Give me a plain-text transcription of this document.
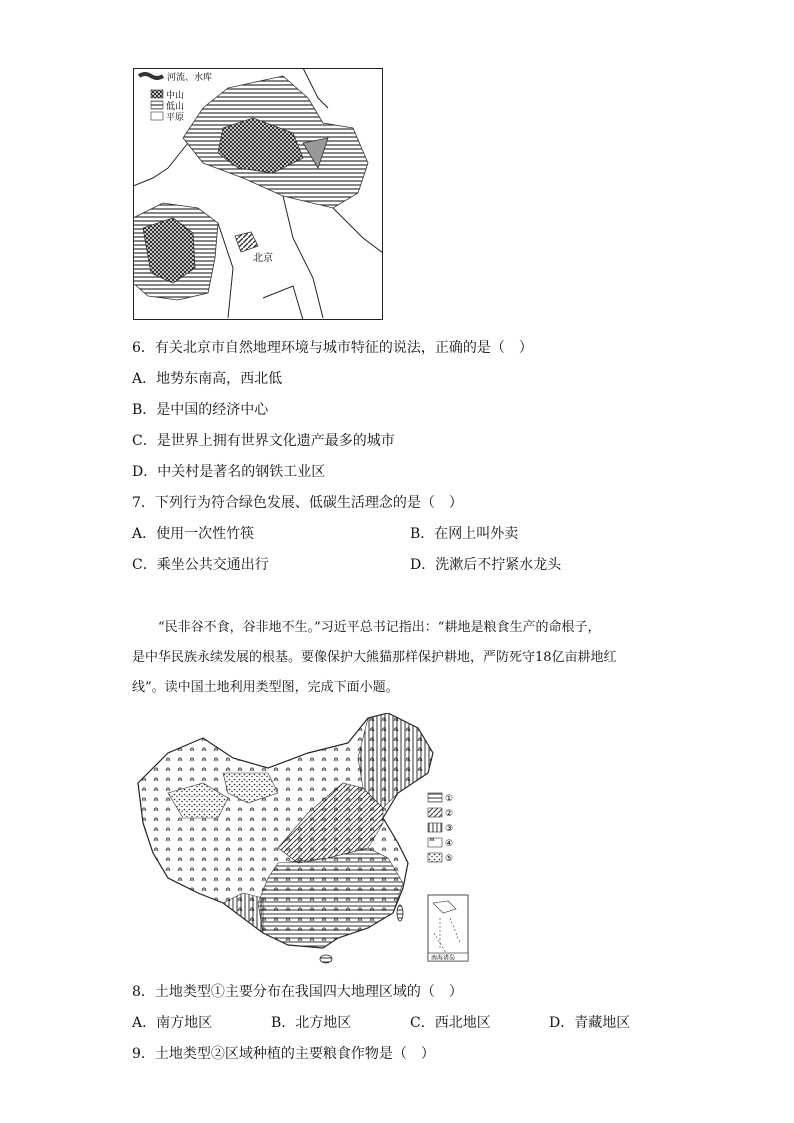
河流、水库
中山
低山
平原
北京
6．有关北京市自然地理环境与城市特征的说法，正确的是（　）
A．地势东南高，西北低
B．是中国的经济中心
C．是世界上拥有世界文化遗产最多的城市
D．中关村是著名的钢铁工业区
7．下列行为符合绿色发展、低碳生活理念的是（　）
A．使用一次性竹筷	B．在网上叫外卖
C．乘坐公共交通出行	D．洗漱后不拧紧水龙头

“民非谷不食，谷非地不生。”习近平总书记指出：“耕地是粮食生产的命根子，

是中华民族永续发展的根基。要像保护大熊猫那样保护耕地，严防死守18亿亩耕地红

线”。读中国土地利用类型图，完成下面小题。

①
②
③
④
⑤
南海诸岛
8．土地类型①主要分布在我国四大地理区域的（　）
A．南方地区	B．北方地区	C．西北地区	D．青藏地区
9．土地类型②区域种植的主要粮食作物是（　）
